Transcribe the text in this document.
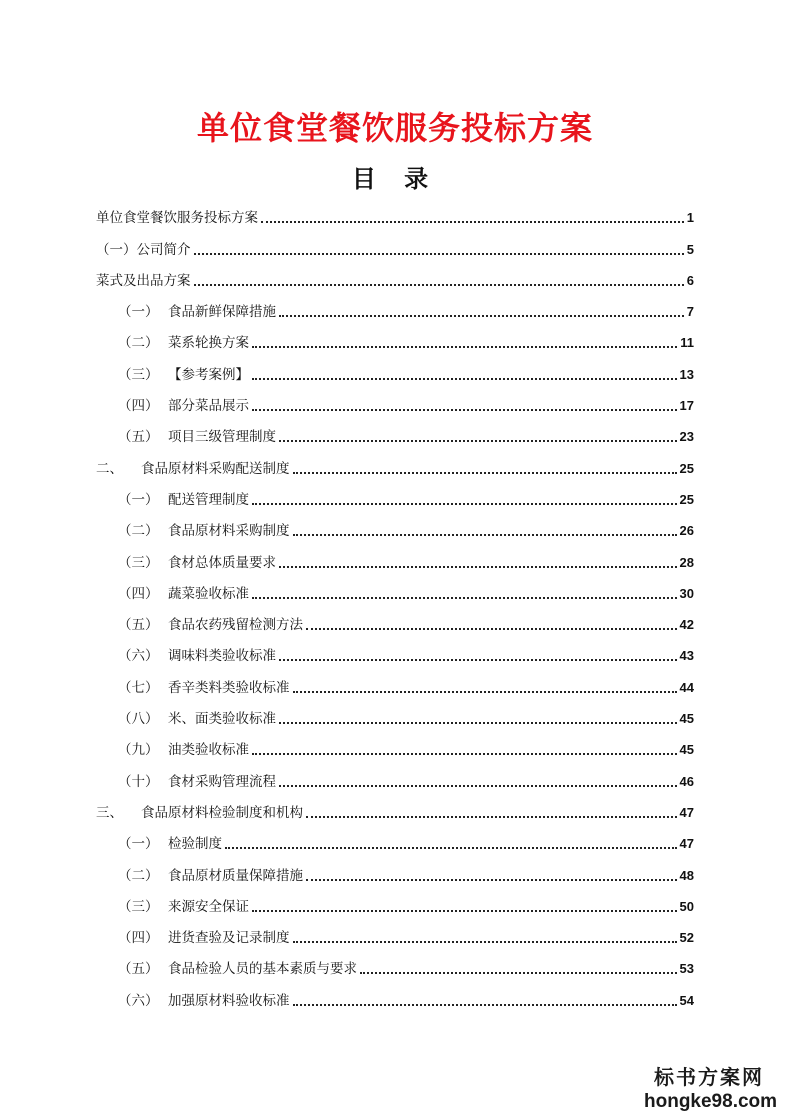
单位食堂餐饮服务投标方案
目 录
单位食堂餐饮服务投标方案	1
（一）公司简介	5
菜式及出品方案	6
（一） 食品新鲜保障措施	7
（二） 菜系轮换方案	11
（三） 【参考案例】	13
（四） 部分菜品展示	17
（五） 项目三级管理制度	23
二、 食品原材料采购配送制度	25
（一） 配送管理制度	25
（二） 食品原材料采购制度	26
（三） 食材总体质量要求	28
（四） 蔬菜验收标准	30
（五） 食品农药残留检测方法	42
（六） 调味料类验收标准	43
（七） 香辛类料类验收标准	44
（八） 米、面类验收标准	45
（九） 油类验收标准	45
（十） 食材采购管理流程	46
三、 食品原材料检验制度和机构	47
（一） 检验制度	47
（二） 食品原材质量保障措施	48
（三） 来源安全保证	50
（四） 进货查验及记录制度	52
（五） 食品检验人员的基本素质与要求	53
（六） 加强原材料验收标准	54
标书方案网
hongke98.com
